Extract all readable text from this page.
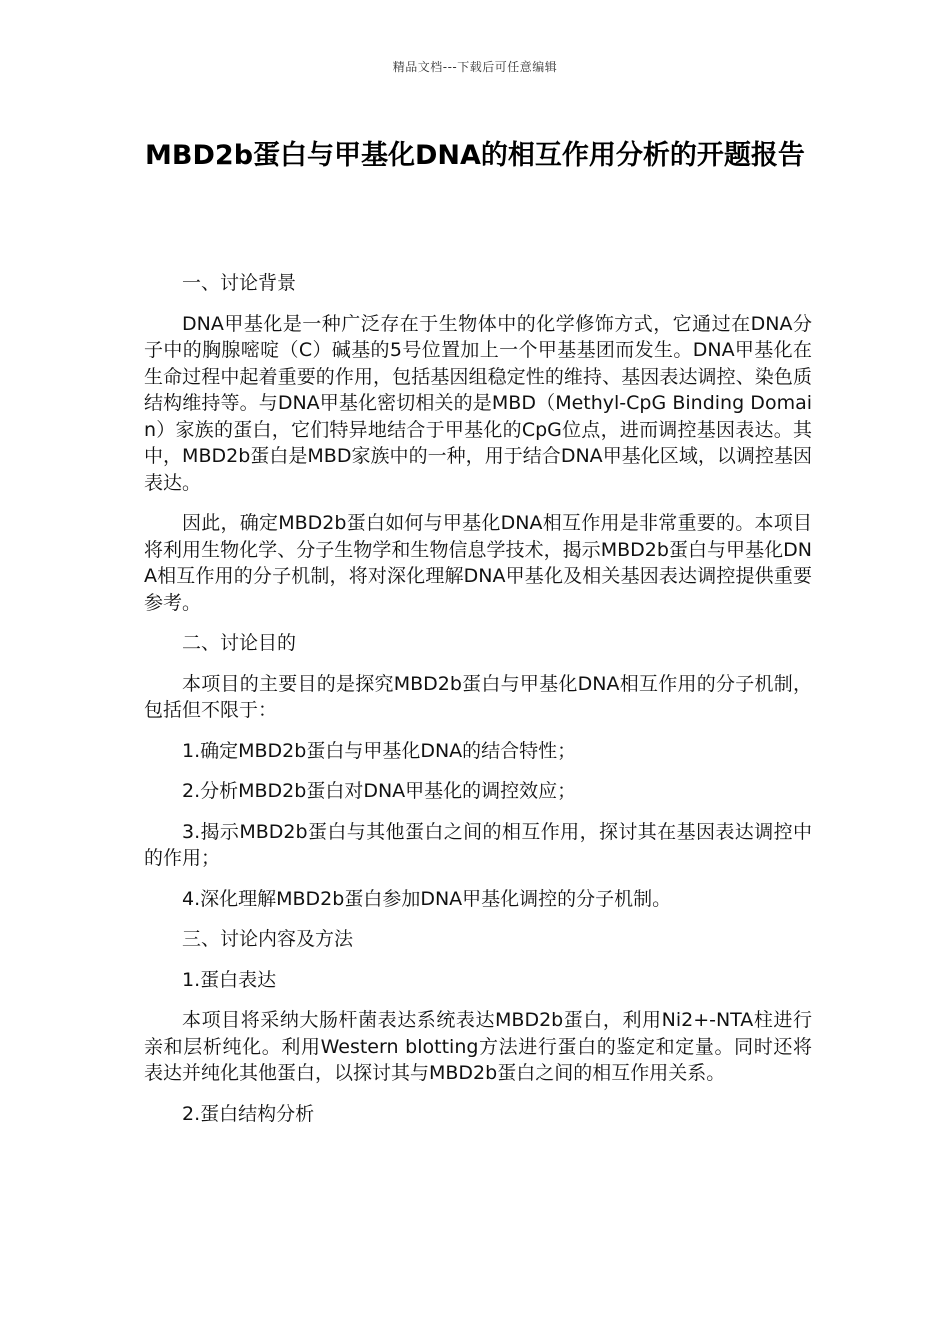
精品文档---下载后可任意编辑
MBD2b蛋白与甲基化DNA的相互作用分析的开题报告

一、讨论背景

DNA甲基化是一种广泛存在于生物体中的化学修饰方式，它通过在DNA分子中的胸腺嘧啶（C）碱基的5号位置加上一个甲基基团而发生。DNA甲基化在生命过程中起着重要的作用，包括基因组稳定性的维持、基因表达调控、染色质结构维持等。与DNA甲基化密切相关的是MBD（Methyl-CpG Binding Domain）家族的蛋白，它们特异地结合于甲基化的CpG位点，进而调控基因表达。其中，MBD2b蛋白是MBD家族中的一种，用于结合DNA甲基化区域，以调控基因表达。

因此，确定MBD2b蛋白如何与甲基化DNA相互作用是非常重要的。本项目将利用生物化学、分子生物学和生物信息学技术，揭示MBD2b蛋白与甲基化DNA相互作用的分子机制，将对深化理解DNA甲基化及相关基因表达调控提供重要参考。

二、讨论目的

本项目的主要目的是探究MBD2b蛋白与甲基化DNA相互作用的分子机制，包括但不限于：

1.确定MBD2b蛋白与甲基化DNA的结合特性；

2.分析MBD2b蛋白对DNA甲基化的调控效应；

3.揭示MBD2b蛋白与其他蛋白之间的相互作用，探讨其在基因表达调控中的作用；

4.深化理解MBD2b蛋白参加DNA甲基化调控的分子机制。

三、讨论内容及方法

1.蛋白表达

本项目将采纳大肠杆菌表达系统表达MBD2b蛋白，利用Ni2+-NTA柱进行亲和层析纯化。利用Western blotting方法进行蛋白的鉴定和定量。同时还将表达并纯化其他蛋白，以探讨其与MBD2b蛋白之间的相互作用关系。

2.蛋白结构分析
